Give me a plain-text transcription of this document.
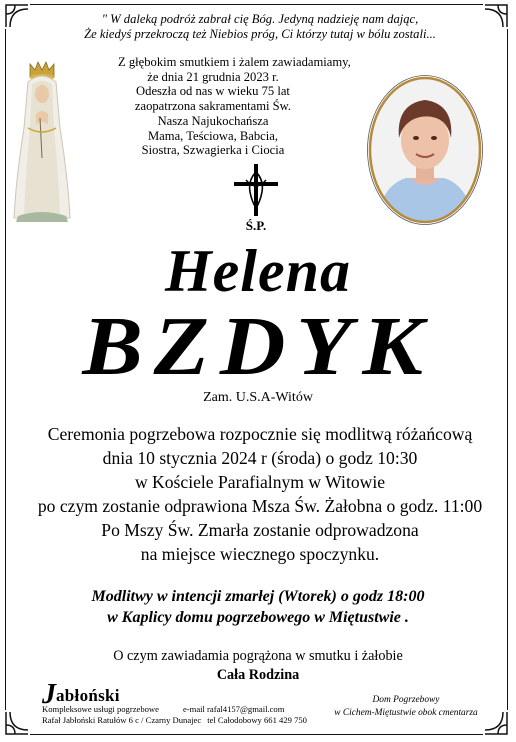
" W daleką podróż zabrał cię Bóg. Jedyną nadzieję nam dając,
Że kiedyś przekroczą też Niebios próg, Ci którzy tutaj w bólu zostali...
Z głębokim smutkiem i żalem zawiadamiamy,
że dnia 21 grudnia 2023 r.
Odeszła od nas w wieku 75 lat
zaopatrzona sakramentami Św.
Nasza Najukochańsza
Mama, Teściowa, Babcia,
Siostra, Szwagierka i Ciocia
Ś.P.
Helena
BZDYK
Zam. U.S.A-Witów
Ceremonia pogrzebowa rozpocznie się modlitwą różańcową
dnia 10 stycznia 2024 r (środa) o godz 10:30
w Kościele Parafialnym w Witowie
po czym zostanie odprawiona Msza Św. Żałobna o godz. 11:00
Po Mszy Św. Zmarła zostanie odprowadzona
na miejsce wiecznego spoczynku.
Modlitwy w intencji zmarłej (Wtorek) o godz 18:00
w Kaplicy domu pogrzebowego w Miętustwie .
O czym zawiadamia pogrążona w smutku i żałobie
Cała Rodzina
Jabłoński
Kompleksowe usługi pogrzebowe	e-mail rafal4157@gmail.com
Rafał Jabłoński Ratułów 6 c / Czarny Dunajec tel Całodobowy 661 429 750
Dom Pogrzebowy
w Cichem-Miętustwie obok cmentarza
